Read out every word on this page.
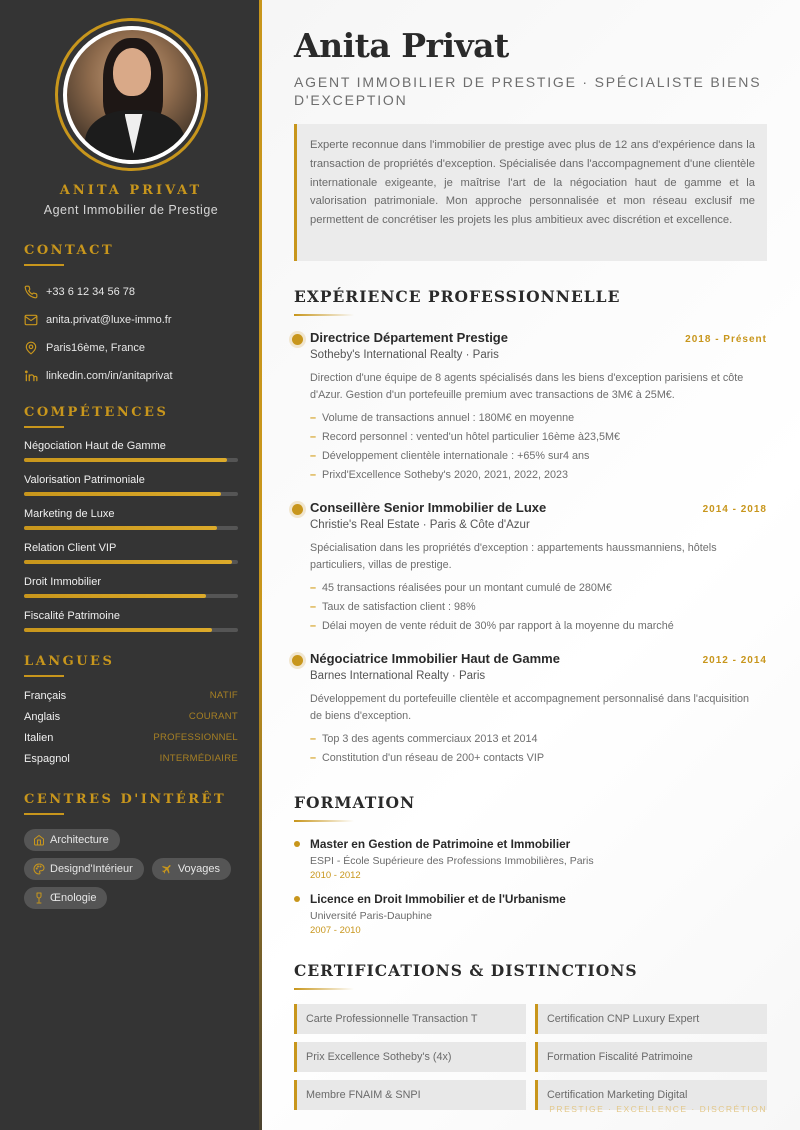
ANITA PRIVAT
Agent Immobilier de Prestige
CONTACT
+33 6 12 34 56 78
anita.privat@luxe-immo.fr
Paris16ème, France
linkedin.com/in/anitaprivat
COMPÉTENCES
Négociation Haut de Gamme
Valorisation Patrimoniale
Marketing de Luxe
Relation Client VIP
Droit Immobilier
Fiscalité Patrimoine
LANGUES
Français	NATIF
Anglais	COURANT
Italien	PROFESSIONNEL
Espagnol	INTERMÉDIAIRE
CENTRES D'INTÉRÊT
Architecture
Designd'Intérieur	Voyages
Œnologie
Anita Privat
AGENT IMMOBILIER DE PRESTIGE · SPÉCIALISTE BIENS D'EXCEPTION
Experte reconnue dans l'immobilier de prestige avec plus de 12 ans d'expérience dans la transaction de propriétés d'exception. Spécialisée dans l'accompagnement d'une clientèle internationale exigeante, je maîtrise l'art de la négociation haut de gamme et la valorisation patrimoniale. Mon approche personnalisée et mon réseau exclusif me permettent de concrétiser les projets les plus ambitieux avec discrétion et excellence.
EXPÉRIENCE PROFESSIONNELLE
Directrice Département Prestige	2018 - Présent
Sotheby's International Realty · Paris
Direction d'une équipe de 8 agents spécialisés dans les biens d'exception parisiens et côte d'Azur. Gestion d'un portefeuille premium avec transactions de 3M€ à 25M€.
– Volume de transactions annuel : 180M€ en moyenne
– Record personnel : vented'un hôtel particulier 16ème à23,5M€
– Développement clientèle internationale : +65% sur4 ans
– Prixd'Excellence Sotheby's 2020, 2021, 2022, 2023
Conseillère Senior Immobilier de Luxe	2014 - 2018
Christie's Real Estate · Paris & Côte d'Azur
Spécialisation dans les propriétés d'exception : appartements haussmanniens, hôtels particuliers, villas de prestige.
– 45 transactions réalisées pour un montant cumulé de 280M€
– Taux de satisfaction client : 98%
– Délai moyen de vente réduit de 30% par rapport à la moyenne du marché
Négociatrice Immobilier Haut de Gamme	2012 - 2014
Barnes International Realty · Paris
Développement du portefeuille clientèle et accompagnement personnalisé dans l'acquisition de biens d'exception.
– Top 3 des agents commerciaux 2013 et 2014
– Constitution d'un réseau de 200+ contacts VIP
FORMATION
Master en Gestion de Patrimoine et Immobilier
ESPI - École Supérieure des Professions Immobilières, Paris
2010 - 2012
Licence en Droit Immobilier et de l'Urbanisme
Université Paris-Dauphine
2007 - 2010
CERTIFICATIONS & DISTINCTIONS
Carte Professionnelle Transaction T	Certification CNP Luxury Expert
Prix Excellence Sotheby's (4x)	Formation Fiscalité Patrimoine
Membre FNAIM & SNPI	Certification Marketing Digital
PRESTIGE · EXCELLENCE · DISCRÉTION
